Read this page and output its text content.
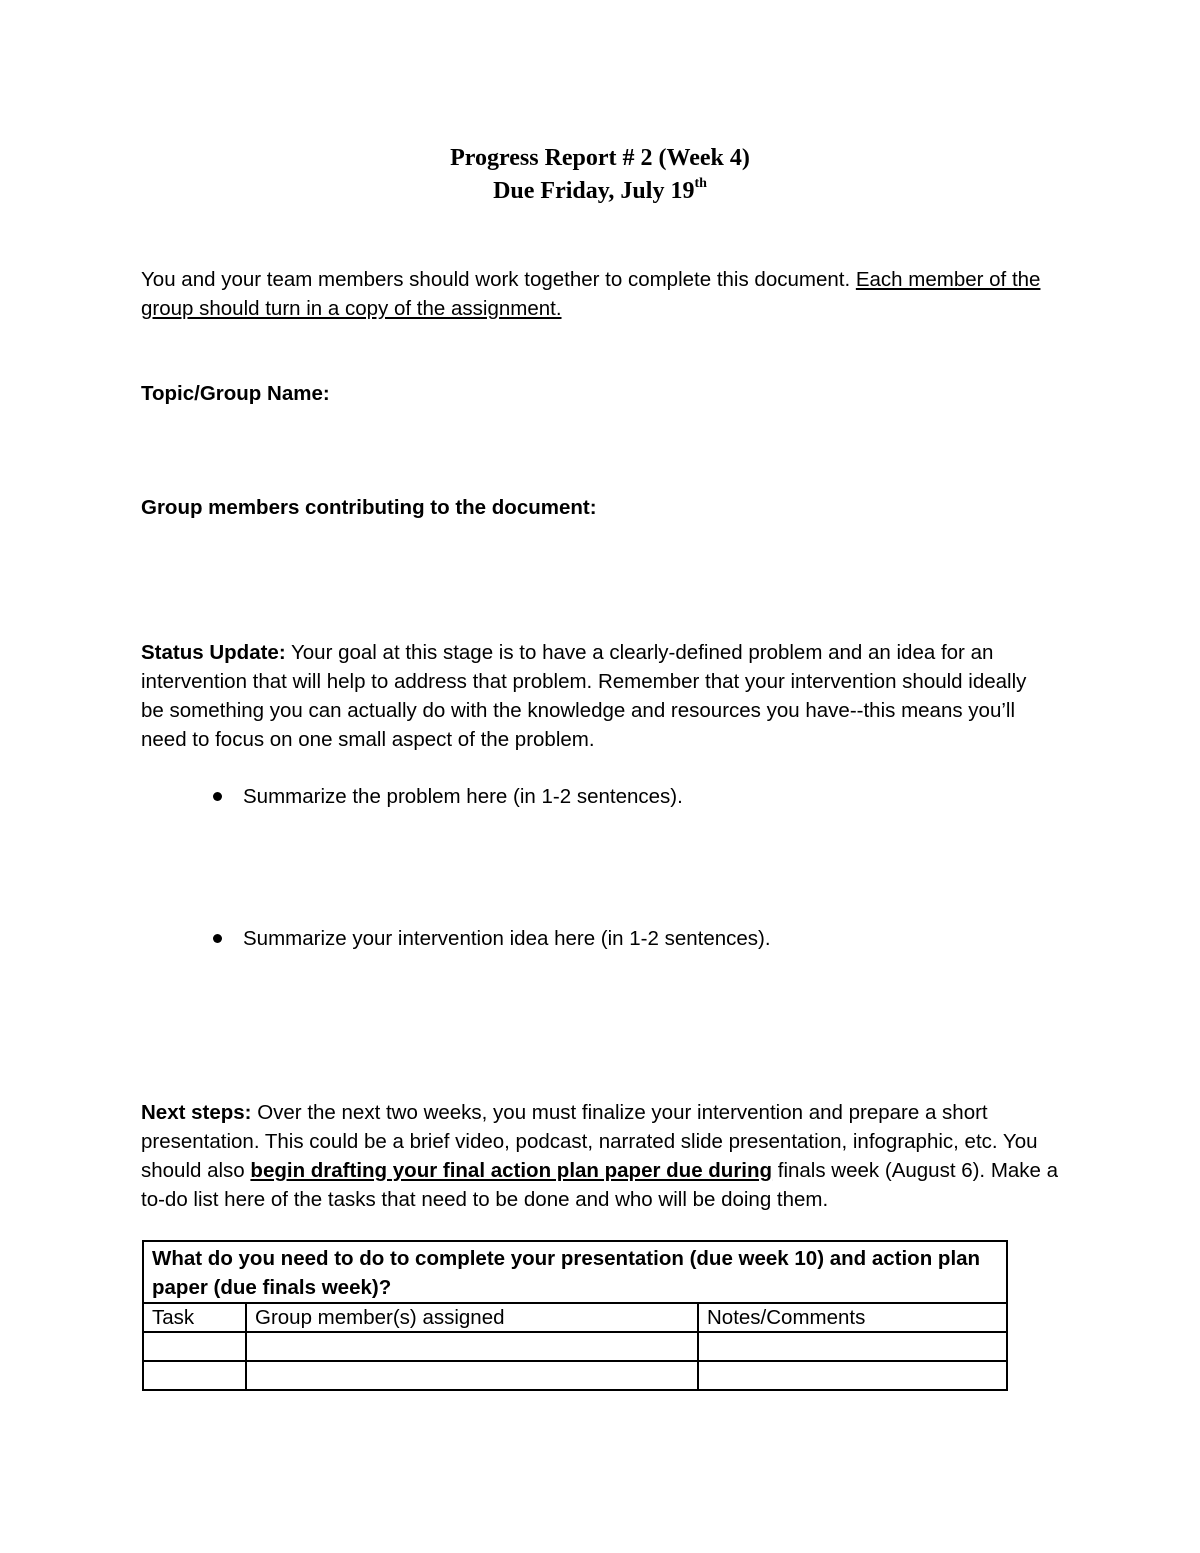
Progress Report # 2 (Week 4)
Due Friday, July 19th
You and your team members should work together to complete this document. Each member of the group should turn in a copy of the assignment.
Topic/Group Name:
Group members contributing to the document:
Status Update: Your goal at this stage is to have a clearly-defined problem and an idea for an intervention that will help to address that problem. Remember that your intervention should ideally be something you can actually do with the knowledge and resources you have--this means you’ll need to focus on one small aspect of the problem.
Summarize the problem here (in 1-2 sentences).
Summarize your intervention idea here (in 1-2 sentences).
Next steps: Over the next two weeks, you must finalize your intervention and prepare a short presentation. This could be a brief video, podcast, narrated slide presentation, infographic, etc. You should also begin drafting your final action plan paper due during finals week (August 6). Make a to-do list here of the tasks that need to be done and who will be doing them.
What do you need to do to complete your presentation (due week 10) and action plan paper (due finals week)?		
Task	Group member(s) assigned	Notes/Comments
